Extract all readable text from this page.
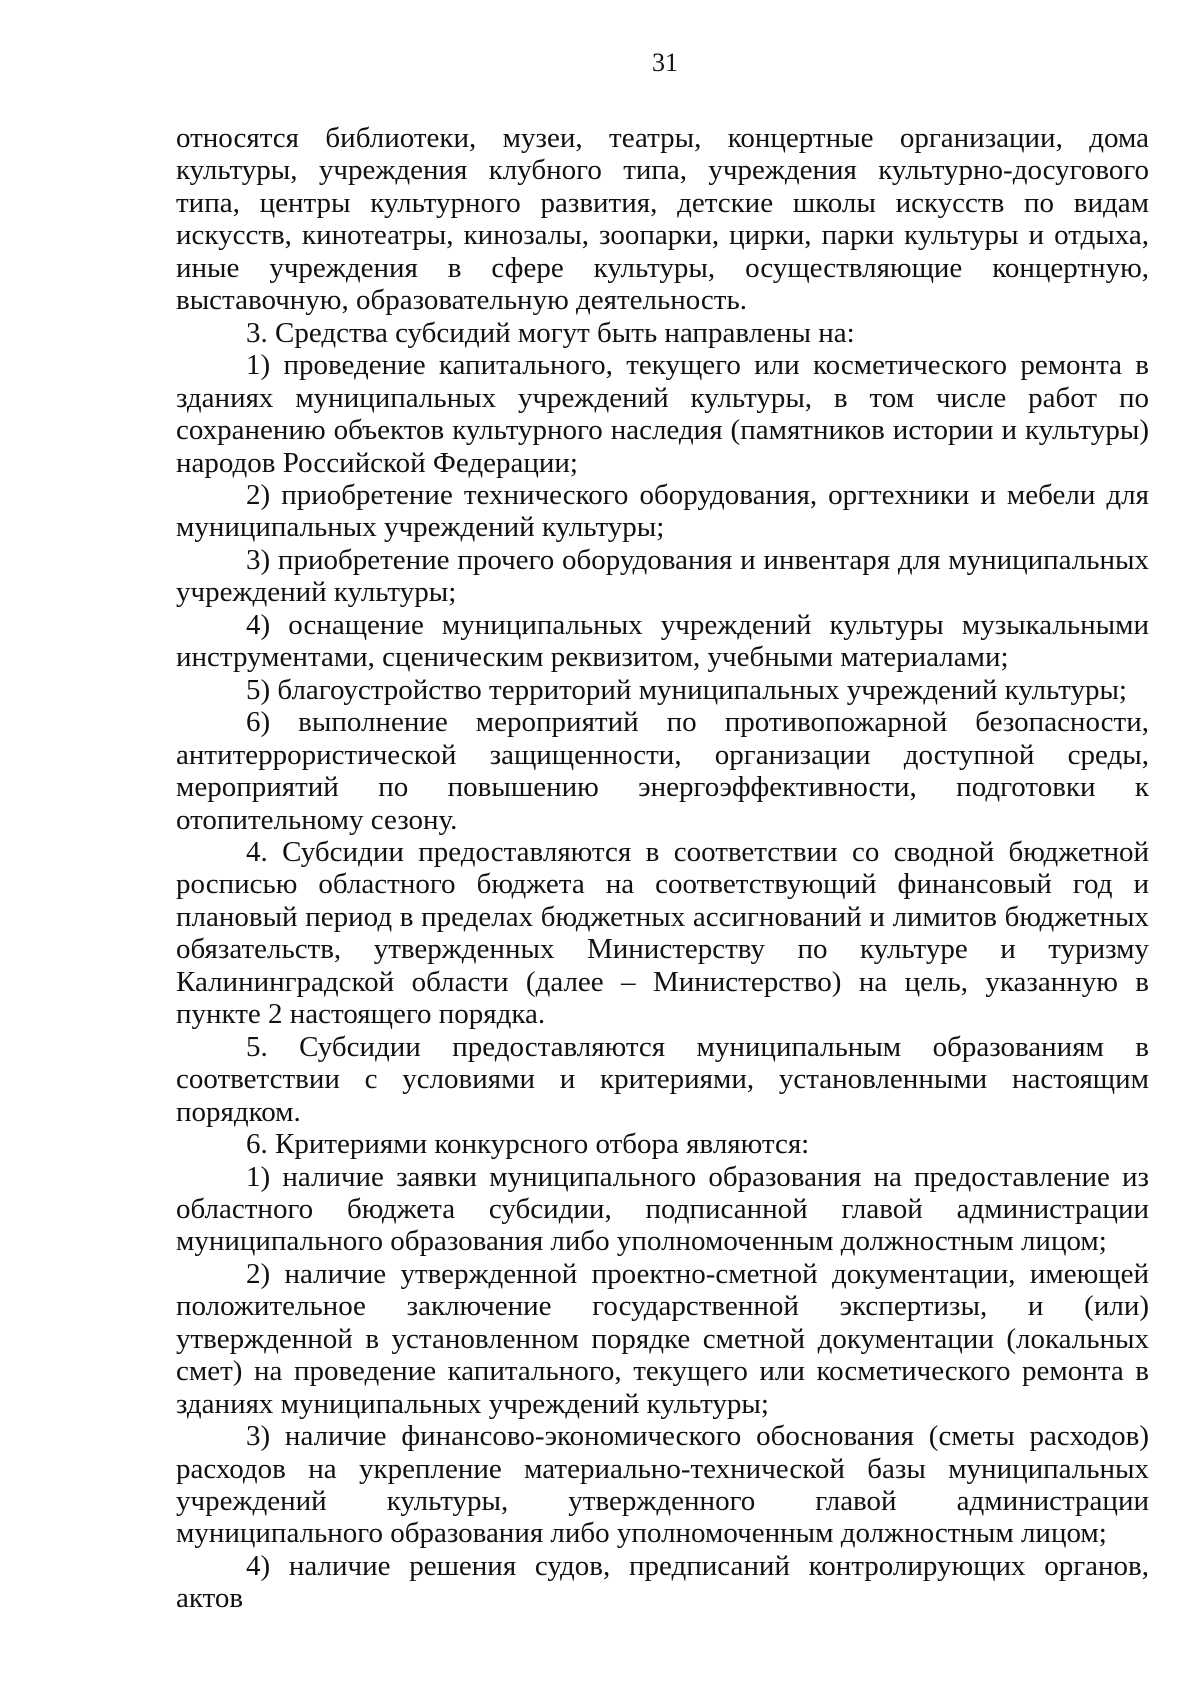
31

относятся библиотеки, музеи, театры, концертные организации, дома культуры, учреждения клубного типа, учреждения культурно-досугового типа, центры культурного развития, детские школы искусств по видам искусств, кинотеатры, кинозалы, зоопарки, цирки, парки культуры и отдыха, иные учреждения в сфере культуры, осуществляющие концертную, выставочную, образовательную деятельность.

3. Средства субсидий могут быть направлены на:

1) проведение капитального, текущего или косметического ремонта в зданиях муниципальных учреждений культуры, в том числе работ по сохранению объектов культурного наследия (памятников истории и культуры) народов Российской Федерации;

2) приобретение технического оборудования, оргтехники и мебели для муниципальных учреждений культуры;

3) приобретение прочего оборудования и инвентаря для муниципальных учреждений культуры;

4) оснащение муниципальных учреждений культуры музыкальными инструментами, сценическим реквизитом, учебными материалами;

5) благоустройство территорий муниципальных учреждений культуры;

6) выполнение мероприятий по противопожарной безопасности, антитеррористической защищенности, организации доступной среды, мероприятий по повышению энергоэффективности, подготовки к отопительному сезону.

4. Субсидии предоставляются в соответствии со сводной бюджетной росписью областного бюджета на соответствующий финансовый год и плановый период в пределах бюджетных ассигнований и лимитов бюджетных обязательств, утвержденных Министерству по культуре и туризму Калининградской области (далее – Министерство) на цель, указанную в пункте 2 настоящего порядка.

5. Субсидии предоставляются муниципальным образованиям в соответствии с условиями и критериями, установленными настоящим порядком.

6. Критериями конкурсного отбора являются:

1) наличие заявки муниципального образования на предоставление из областного бюджета субсидии, подписанной главой администрации муниципального образования либо уполномоченным должностным лицом;

2) наличие утвержденной проектно-сметной документации, имеющей положительное заключение государственной экспертизы, и (или) утвержденной в установленном порядке сметной документации (локальных смет) на проведение капитального, текущего или косметического ремонта в зданиях муниципальных учреждений культуры;

3) наличие финансово-экономического обоснования (сметы расходов) расходов на укрепление материально-технической базы муниципальных учреждений культуры, утвержденного главой администрации муниципального образования либо уполномоченным должностным лицом;

4) наличие решения судов, предписаний контролирующих органов, актов
